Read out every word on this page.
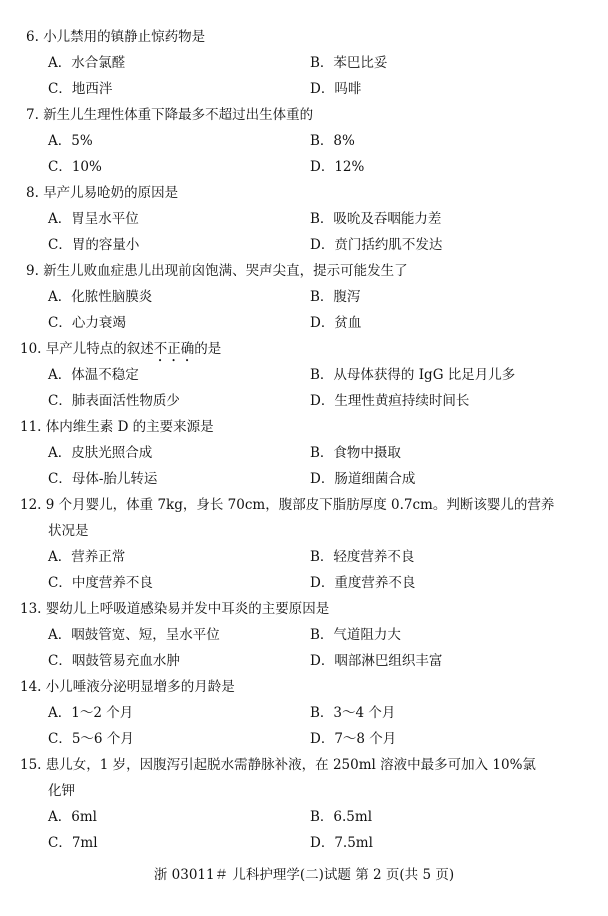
6. 小儿禁用的镇静止惊药物是
A．水合氯醛	B．苯巴比妥
C．地西泮	D．吗啡
7. 新生儿生理性体重下降最多不超过出生体重的
A．5%	B．8%
C．10%	D．12%
8. 早产儿易呛奶的原因是
A．胃呈水平位	B．吸吮及吞咽能力差
C．胃的容量小	D．贲门括约肌不发达
9. 新生儿败血症患儿出现前囟饱满、哭声尖直，提示可能发生了
A．化脓性脑膜炎	B．腹泻
C．心力衰竭	D．贫血
10. 早产儿特点的叙述不正确的是
A．体温不稳定	B．从母体获得的 IgG 比足月儿多
C．肺表面活性物质少	D．生理性黄疸持续时间长
11. 体内维生素 D 的主要来源是
A．皮肤光照合成	B．食物中摄取
C．母体-胎儿转运	D．肠道细菌合成
12. 9 个月婴儿，体重 7kg，身长 70cm，腹部皮下脂肪厚度 0.7cm。判断该婴儿的营养
状况是
A．营养正常	B．轻度营养不良
C．中度营养不良	D．重度营养不良
13. 婴幼儿上呼吸道感染易并发中耳炎的主要原因是
A．咽鼓管宽、短，呈水平位	B．气道阻力大
C．咽鼓管易充血水肿	D．咽部淋巴组织丰富
14. 小儿唾液分泌明显增多的月龄是
A．1～2 个月	B．3～4 个月
C．5～6 个月	D．7～8 个月
15. 患儿女，1 岁，因腹泻引起脱水需静脉补液，在 250ml 溶液中最多可加入 10%氯
化钾
A．6ml	B．6.5ml
C．7ml	D．7.5ml
浙 03011＃ 儿科护理学(二)试题 第 2 页(共 5 页)
